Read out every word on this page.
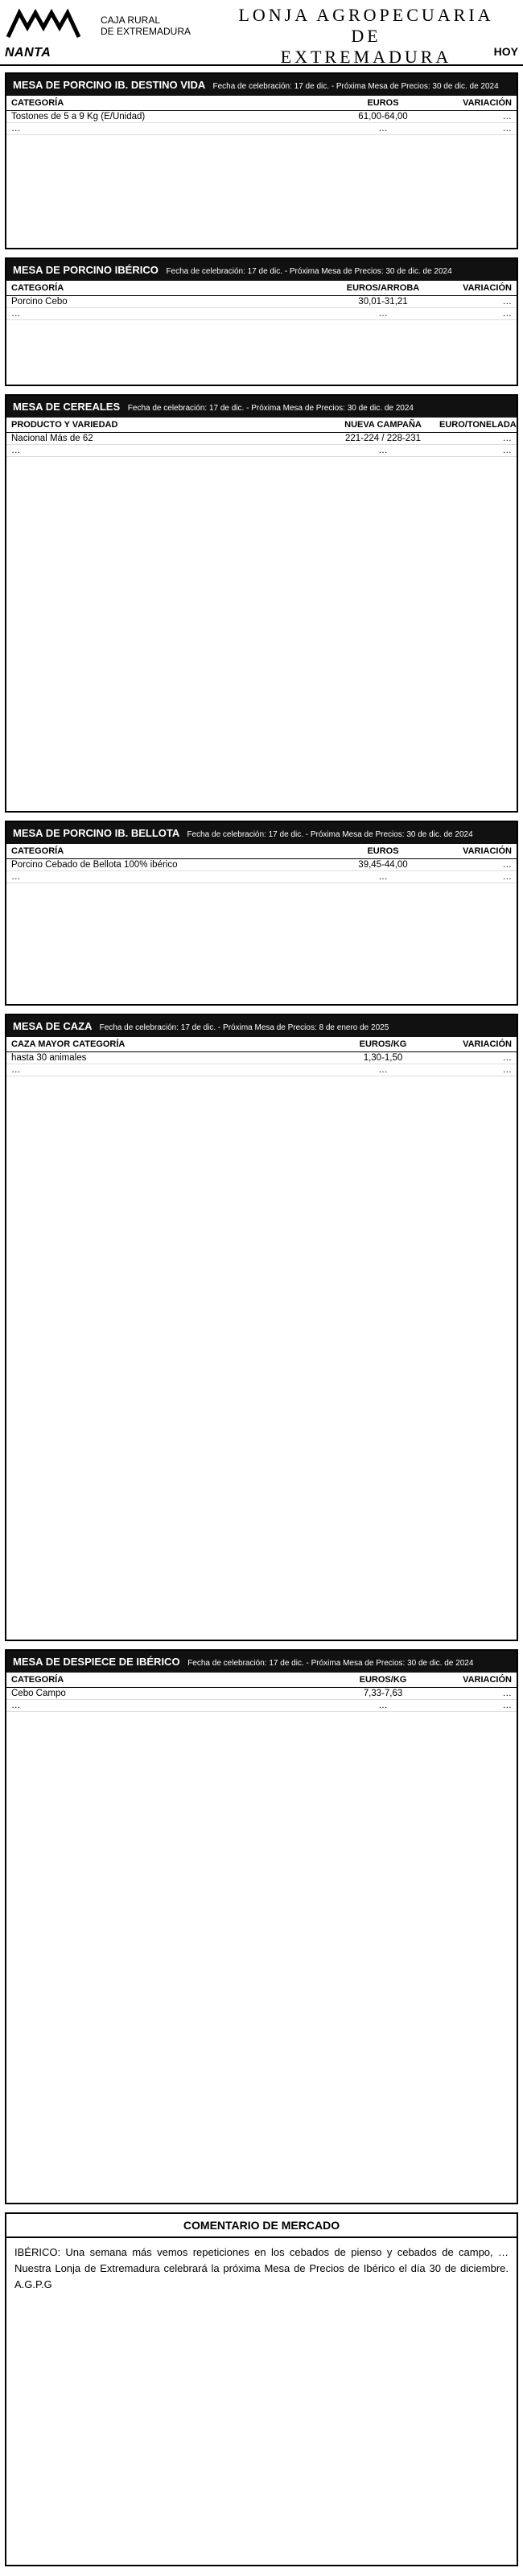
NANTA
CAJA RURAL
DE EXTREMADURA
LONJA AGROPECUARIA DE
EXTREMADURA	HOY
MESA DE PORCINO IB. DESTINO VIDA Fecha de celebración: 17 de dic. - Próxima Mesa de Precios: 30 de dic. de 2024
CATEGORÍA	EUROS	VARIACIÓN
Tostones de 5 a 9 Kg (E/Unidad)	61,00-64,00	…
…	…	…
MESA DE PORCINO IBÉRICO Fecha de celebración: 17 de dic. - Próxima Mesa de Precios: 30 de dic. de 2024
CATEGORÍA	EUROS/ARROBA	VARIACIÓN
Porcino Cebo	30,01-31,21	…
…	…	…
MESA DE CEREALES Fecha de celebración: 17 de dic. - Próxima Mesa de Precios: 30 de dic. de 2024
PRODUCTO Y VARIEDAD	NUEVA CAMPAÑA	EURO/TONELADA
Nacional Más de 62	221-224 / 228-231	…
…	…	…
MESA DE PORCINO IB. BELLOTA Fecha de celebración: 17 de dic. - Próxima Mesa de Precios: 30 de dic. de 2024
CATEGORÍA	EUROS	VARIACIÓN
Porcino Cebado de Bellota 100% ibérico	39,45-44,00	…
…	…	…
MESA DE CAZA Fecha de celebración: 17 de dic. - Próxima Mesa de Precios: 8 de enero de 2025
CAZA MAYOR CATEGORÍA	EUROS/KG	VARIACIÓN
hasta 30 animales	1,30-1,50	…
…	…	…
MESA DE DESPIECE DE IBÉRICO Fecha de celebración: 17 de dic. - Próxima Mesa de Precios: 30 de dic. de 2024
CATEGORÍA	EUROS/KG	VARIACIÓN
Cebo Campo	7,33-7,63	…
…	…	…
COMENTARIO DE MERCADO
IBÉRICO: Una semana más vemos repeticiones en los cebados de pienso y cebados de campo, … Nuestra Lonja de Extremadura celebrará la próxima Mesa de Precios de Ibérico el día 30 de diciembre. A.G.P.G
